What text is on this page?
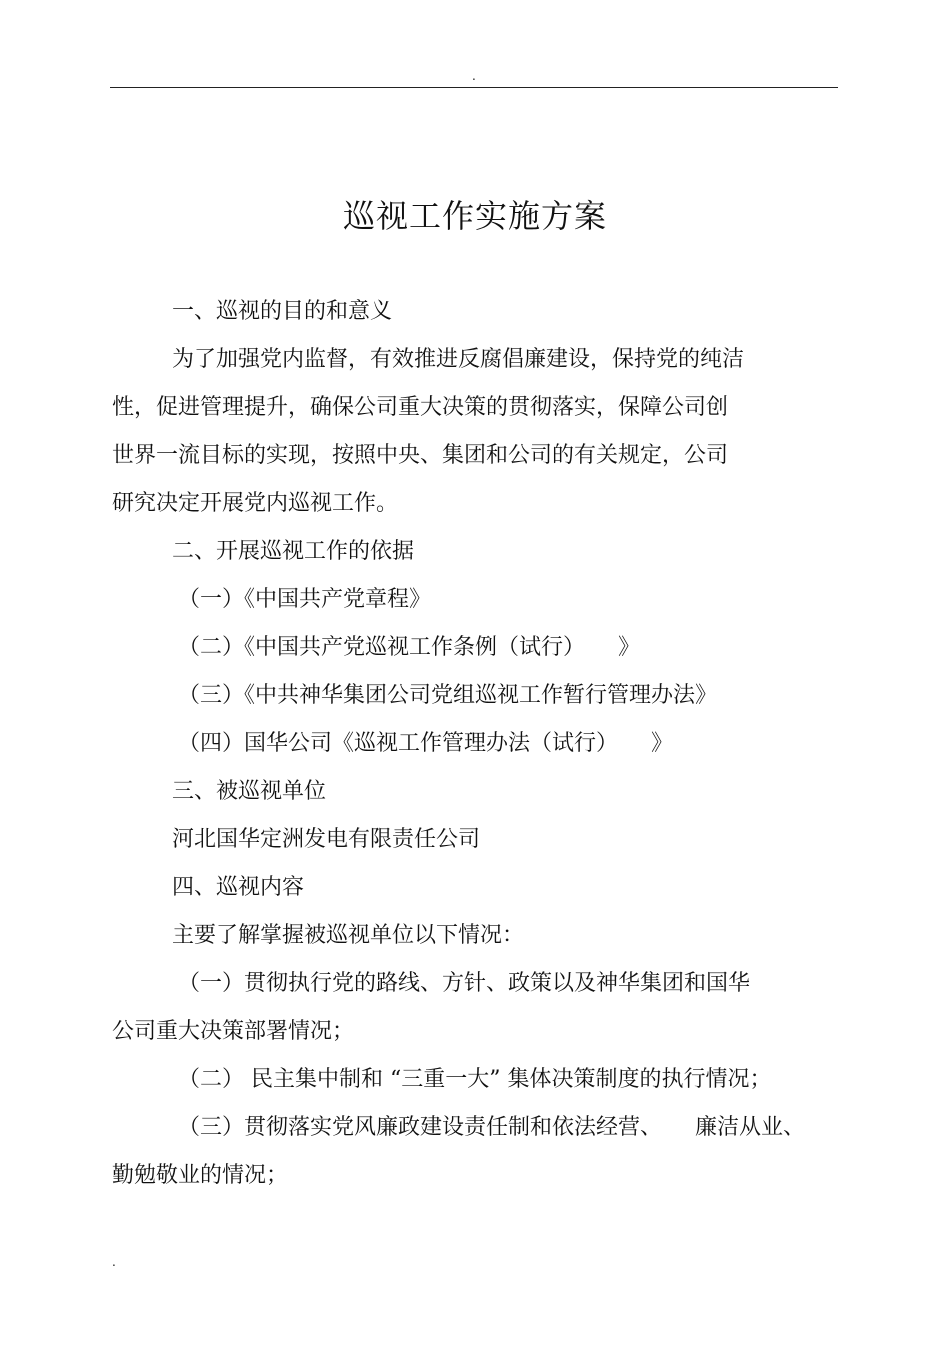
.
巡视工作实施方案
一、巡视的目的和意义
为了加强党内监督，有效推进反腐倡廉建设，保持党的纯洁
性，促进管理提升，确保公司重大决策的贯彻落实，保障公司创
世界一流目标的实现，按照中央、集团和公司的有关规定，公司
研究决定开展党内巡视工作。
二、开展巡视工作的依据
（一）《中国共产党章程》
（二）《中国共产党巡视工作条例（试行）　　》
（三）《中共神华集团公司党组巡视工作暂行管理办法》
（四）国华公司《巡视工作管理办法（试行）　　》
三、被巡视单位
河北国华定洲发电有限责任公司
四、巡视内容
主要了解掌握被巡视单位以下情况：
（一）贯彻执行党的路线、方针、政策以及神华集团和国华
公司重大决策部署情况；
（二） 民主集中制和 “三重一大” 集体决策制度的执行情况；
（三）贯彻落实党风廉政建设责任制和依法经营、　　廉洁从业、
勤勉敬业的情况；
.
